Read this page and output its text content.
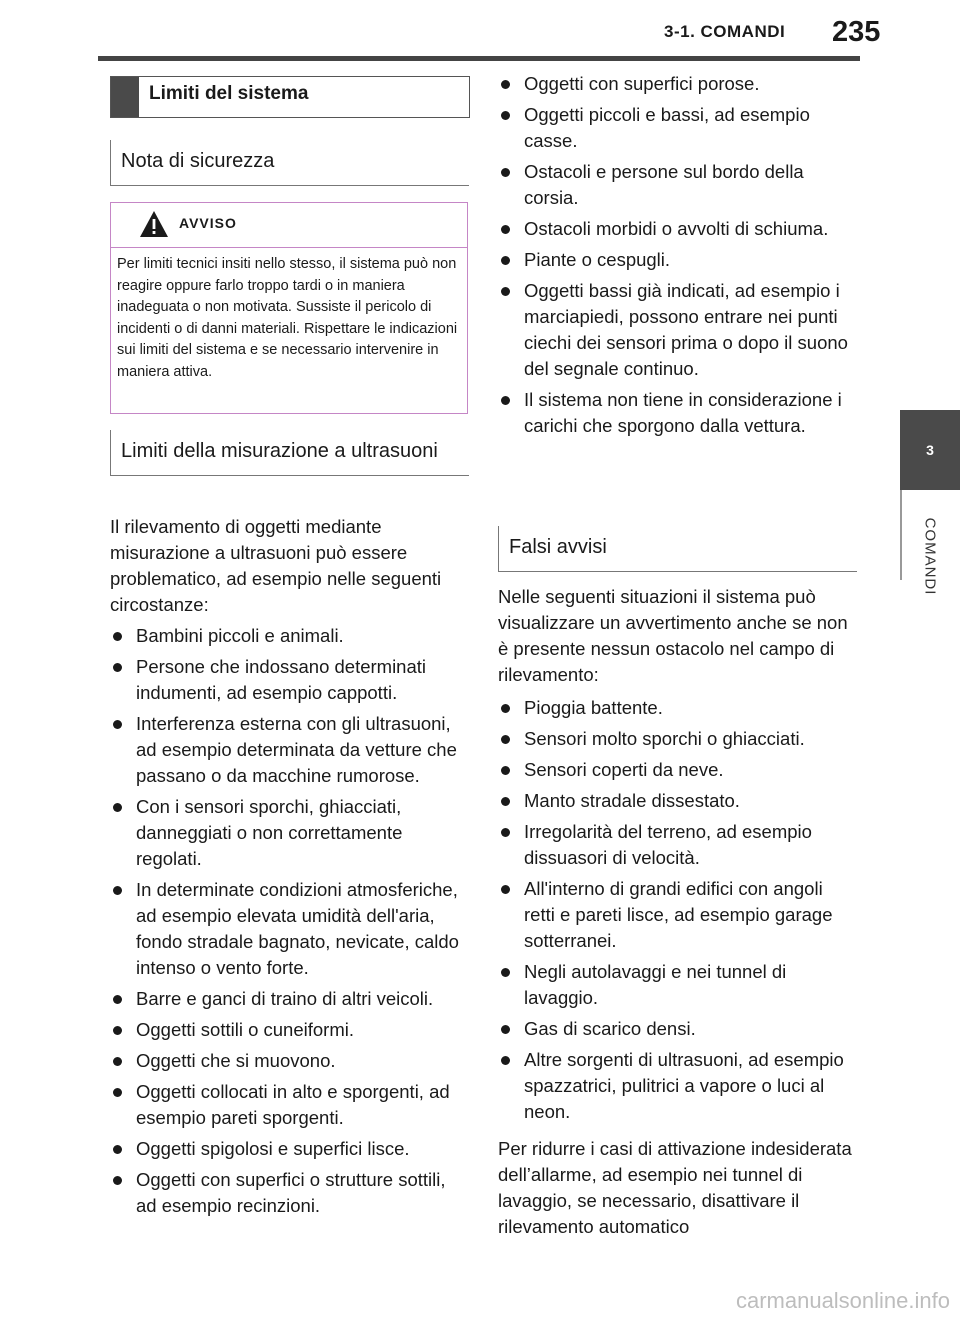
3-1. COMANDI 235
3
COMANDI
Limiti del sistema
Nota di sicurezza
AVVISO
Per limiti tecnici insiti nello stesso, il sistema può non reagire oppure farlo troppo tardi o in maniera inadeguata o non motivata. Sussiste il pericolo di incidenti o di danni materiali. Rispettare le indicazioni sui limiti del sistema e se necessario intervenire in maniera attiva.
Limiti della misurazione a ultrasuoni
Il rilevamento di oggetti mediante misurazione a ultrasuoni può essere problematico, ad esempio nelle seguenti circostanze:
Bambini piccoli e animali.
Persone che indossano determinati indumenti, ad esempio cappotti.
Interferenza esterna con gli ultrasuoni, ad esempio determinata da vetture che passano o da macchine rumorose.
Con i sensori sporchi, ghiacciati, danneggiati o non correttamente regolati.
In determinate condizioni atmosferiche, ad esempio elevata umidità dell'aria, fondo stradale bagnato, nevicate, caldo intenso o vento forte.
Barre e ganci di traino di altri veicoli.
Oggetti sottili o cuneiformi.
Oggetti che si muovono.
Oggetti collocati in alto e sporgenti, ad esempio pareti sporgenti.
Oggetti spigolosi e superfici lisce.
Oggetti con superfici o strutture sottili, ad esempio recinzioni.
Oggetti con superfici porose.
Oggetti piccoli e bassi, ad esempio casse.
Ostacoli e persone sul bordo della corsia.
Ostacoli morbidi o avvolti di schiuma.
Piante o cespugli.
Oggetti bassi già indicati, ad esempio i marciapiedi, possono entrare nei punti ciechi dei sensori prima o dopo il suono del segnale continuo.
Il sistema non tiene in considerazione i carichi che sporgono dalla vettura.
Falsi avvisi
Nelle seguenti situazioni il sistema può visualizzare un avvertimento anche se non è presente nessun ostacolo nel campo di rilevamento:
Pioggia battente.
Sensori molto sporchi o ghiacciati.
Sensori coperti da neve.
Manto stradale dissestato.
Irregolarità del terreno, ad esempio dissuasori di velocità.
All'interno di grandi edifici con angoli retti e pareti lisce, ad esempio garage sotterranei.
Negli autolavaggi e nei tunnel di lavaggio.
Gas di scarico densi.
Altre sorgenti di ultrasuoni, ad esempio spazzatrici, pulitrici a vapore o luci al neon.
Per ridurre i casi di attivazione indesiderata dell’allarme, ad esempio nei tunnel di lavaggio, se necessario, disattivare il rilevamento automatico
carmanualsonline.info
